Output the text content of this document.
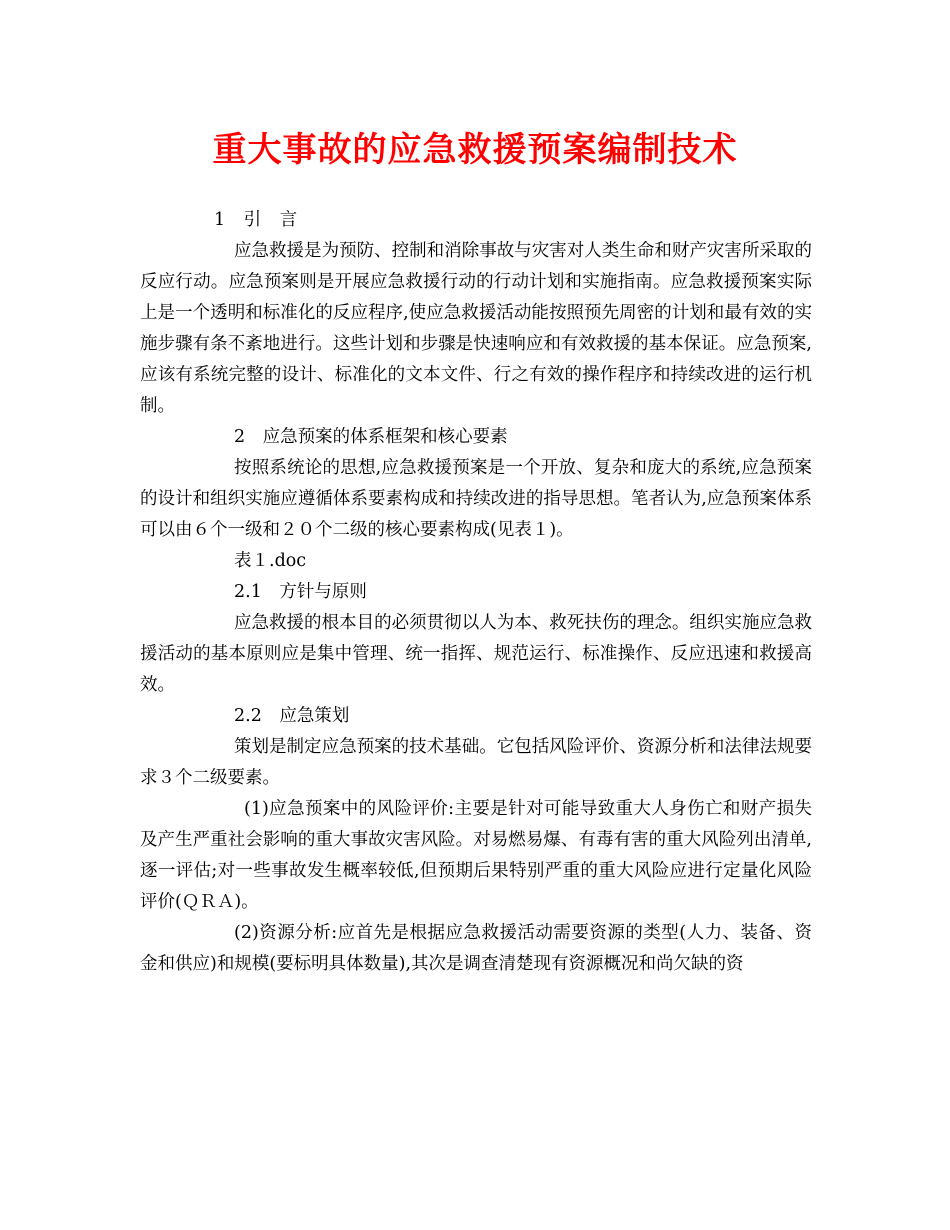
重大事故的应急救援预案编制技术

1　引　言

应急救援是为预防、控制和消除事故与灾害对人类生命和财产灾害所采取的反应行动。应急预案则是开展应急救援行动的行动计划和实施指南。应急救援预案实际上是一个透明和标准化的反应程序,使应急救援活动能按照预先周密的计划和最有效的实施步骤有条不紊地进行。这些计划和步骤是快速响应和有效救援的基本保证。应急预案,应该有系统完整的设计、标准化的文本文件、行之有效的操作程序和持续改进的运行机制。

2　应急预案的体系框架和核心要素

按照系统论的思想,应急救援预案是一个开放、复杂和庞大的系统,应急预案的设计和组织实施应遵循体系要素构成和持续改进的指导思想。笔者认为,应急预案体系可以由６个一级和２０个二级的核心要素构成(见表１)。

表１.doc

2.1　方针与原则

应急救援的根本目的必须贯彻以人为本、救死扶伤的理念。组织实施应急救援活动的基本原则应是集中管理、统一指挥、规范运行、标准操作、反应迅速和救援高效。

2.2　应急策划

策划是制定应急预案的技术基础。它包括风险评价、资源分析和法律法规要求３个二级要素。

(1)应急预案中的风险评价:主要是针对可能导致重大人身伤亡和财产损失及产生严重社会影响的重大事故灾害风险。对易燃易爆、有毒有害的重大风险列出清单,逐一评估;对一些事故发生概率较低,但预期后果特别严重的重大风险应进行定量化风险评价(ＱＲＡ)。

(2)资源分析:应首先是根据应急救援活动需要资源的类型(人力、装备、资金和供应)和规模(要标明具体数量),其次是调查清楚现有资源概况和尚欠缺的资
